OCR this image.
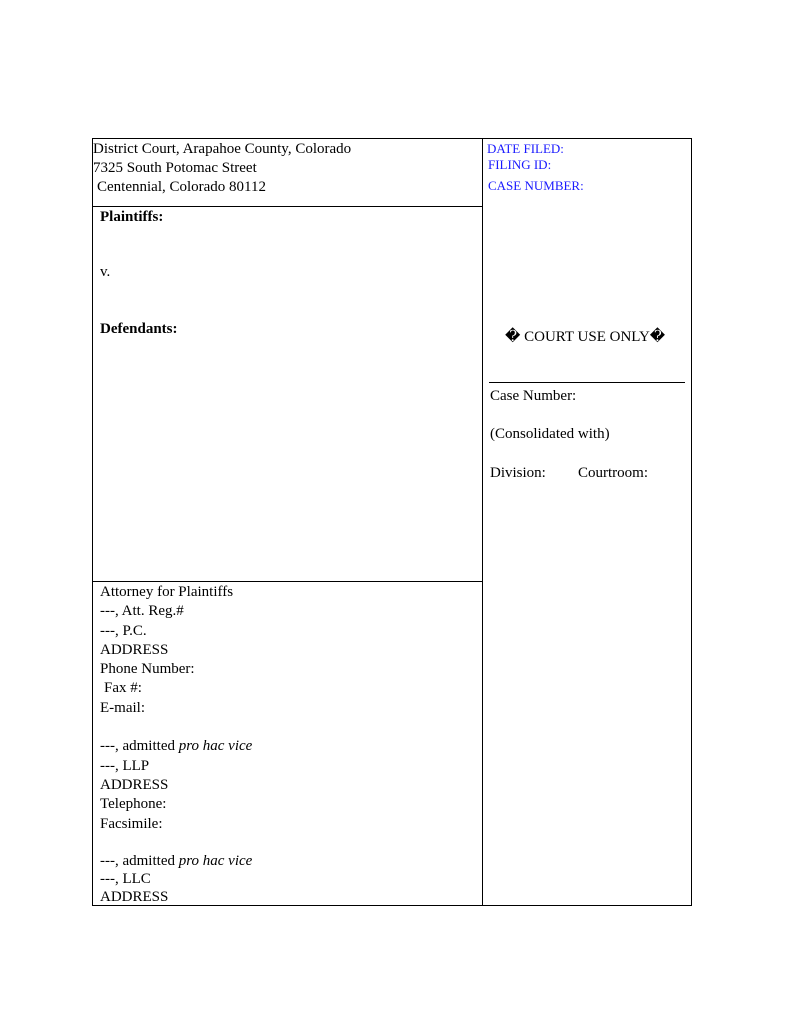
District Court, Arapahoe County, Colorado
7325 South Potomac Street
Centennial, Colorado 80112
Plaintiffs:
v.
Defendants:
Attorney for Plaintiffs
---, Att. Reg.#
---, P.C.
ADDRESS
Phone Number:
Fax #:
E-mail:
---, admitted pro hac vice
---, LLP
ADDRESS
Telephone:
Facsimile:
---, admitted pro hac vice
---, LLC
ADDRESS
DATE FILED:
FILING ID:
CASE NUMBER:
� COURT USE ONLY�
Case Number:
(Consolidated with)
Division: Courtroom:
